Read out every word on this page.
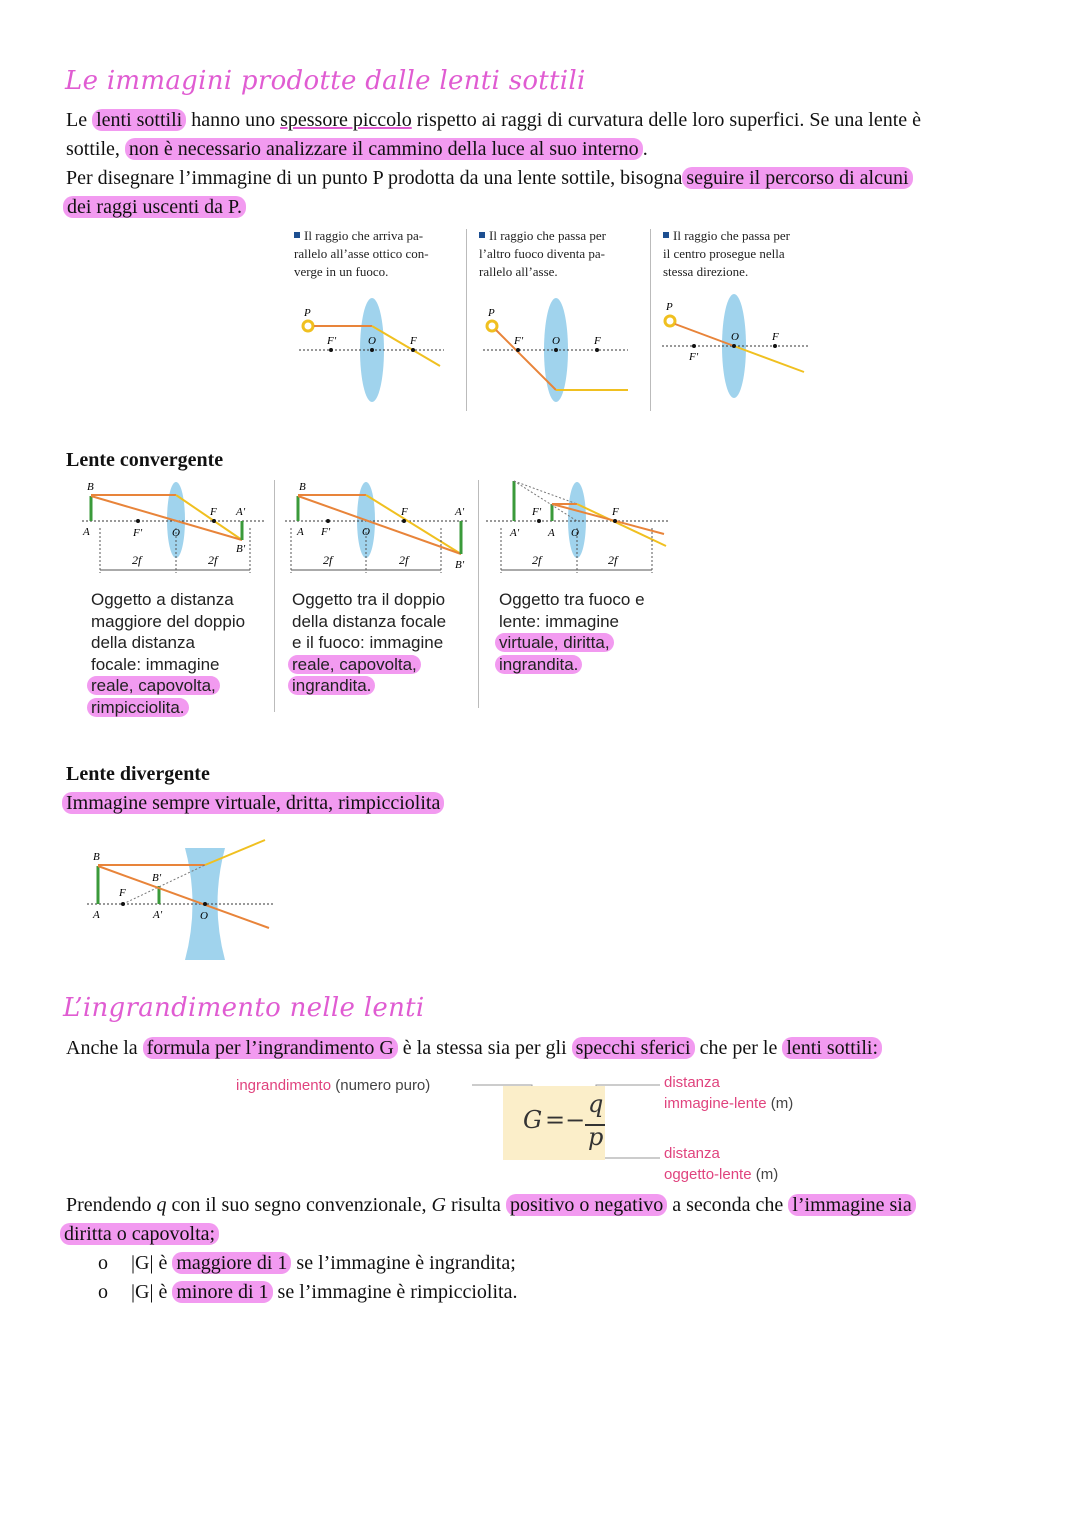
Le immagini prodotte dalle lenti sottili
Le lenti sottili hanno uno spessore piccolo rispetto ai raggi di curvatura delle loro superfici. Se una lente è
sottile, non è necessario analizzare il cammino della luce al suo interno .
Per disegnare l’immagine di un punto P prodotta da una lente sottile, bisogna seguire il percorso di alcuni
dei raggi uscenti da P.
Il raggio che arriva pa-
rallelo all’asse ottico con-
verge in un fuoco.
Il raggio che passa per
l’altro fuoco diventa pa-
rallelo all’asse.
Il raggio che passa per
il centro prosegue nella
stessa direzione.
P
F′	O	F
P
F′	O	F
P
F′
O	F
Lente convergente
B
A	F′	O
F A′
B′
2f	2f
B
A F′	O
F	A′
B′
2f	2f
F′	F
A′	A O
2f	2f
Oggetto a distanza
maggiore del doppio
della distanza
focale: immagine
reale, capovolta,
rimpicciolita.
Oggetto tra il doppio
della distanza focale
e il fuoco: immagine
reale, capovolta,
ingrandita.
Oggetto tra fuoco e
lente: immagine
virtuale, diritta,
ingrandita.
Lente divergente
Immagine sempre virtuale, dritta, rimpicciolita
B
A
F
B′
A′	O
L’ingrandimento nelle lenti
Anche la formula per l’ingrandimento G è la stessa sia per gli specchi sferici che per le lenti sottili:
ingrandimento (numero puro)
G =−
q
p
distanza
immagine-lente (m)
distanza
oggetto-lente (m)
Prendendo q con il suo segno convenzionale, G risulta positivo o negativo a seconda che l’immagine sia
diritta o capovolta;
o |G| è maggiore di 1 se l’immagine è ingrandita;
o |G| è minore di 1 se l’immagine è rimpicciolita.
